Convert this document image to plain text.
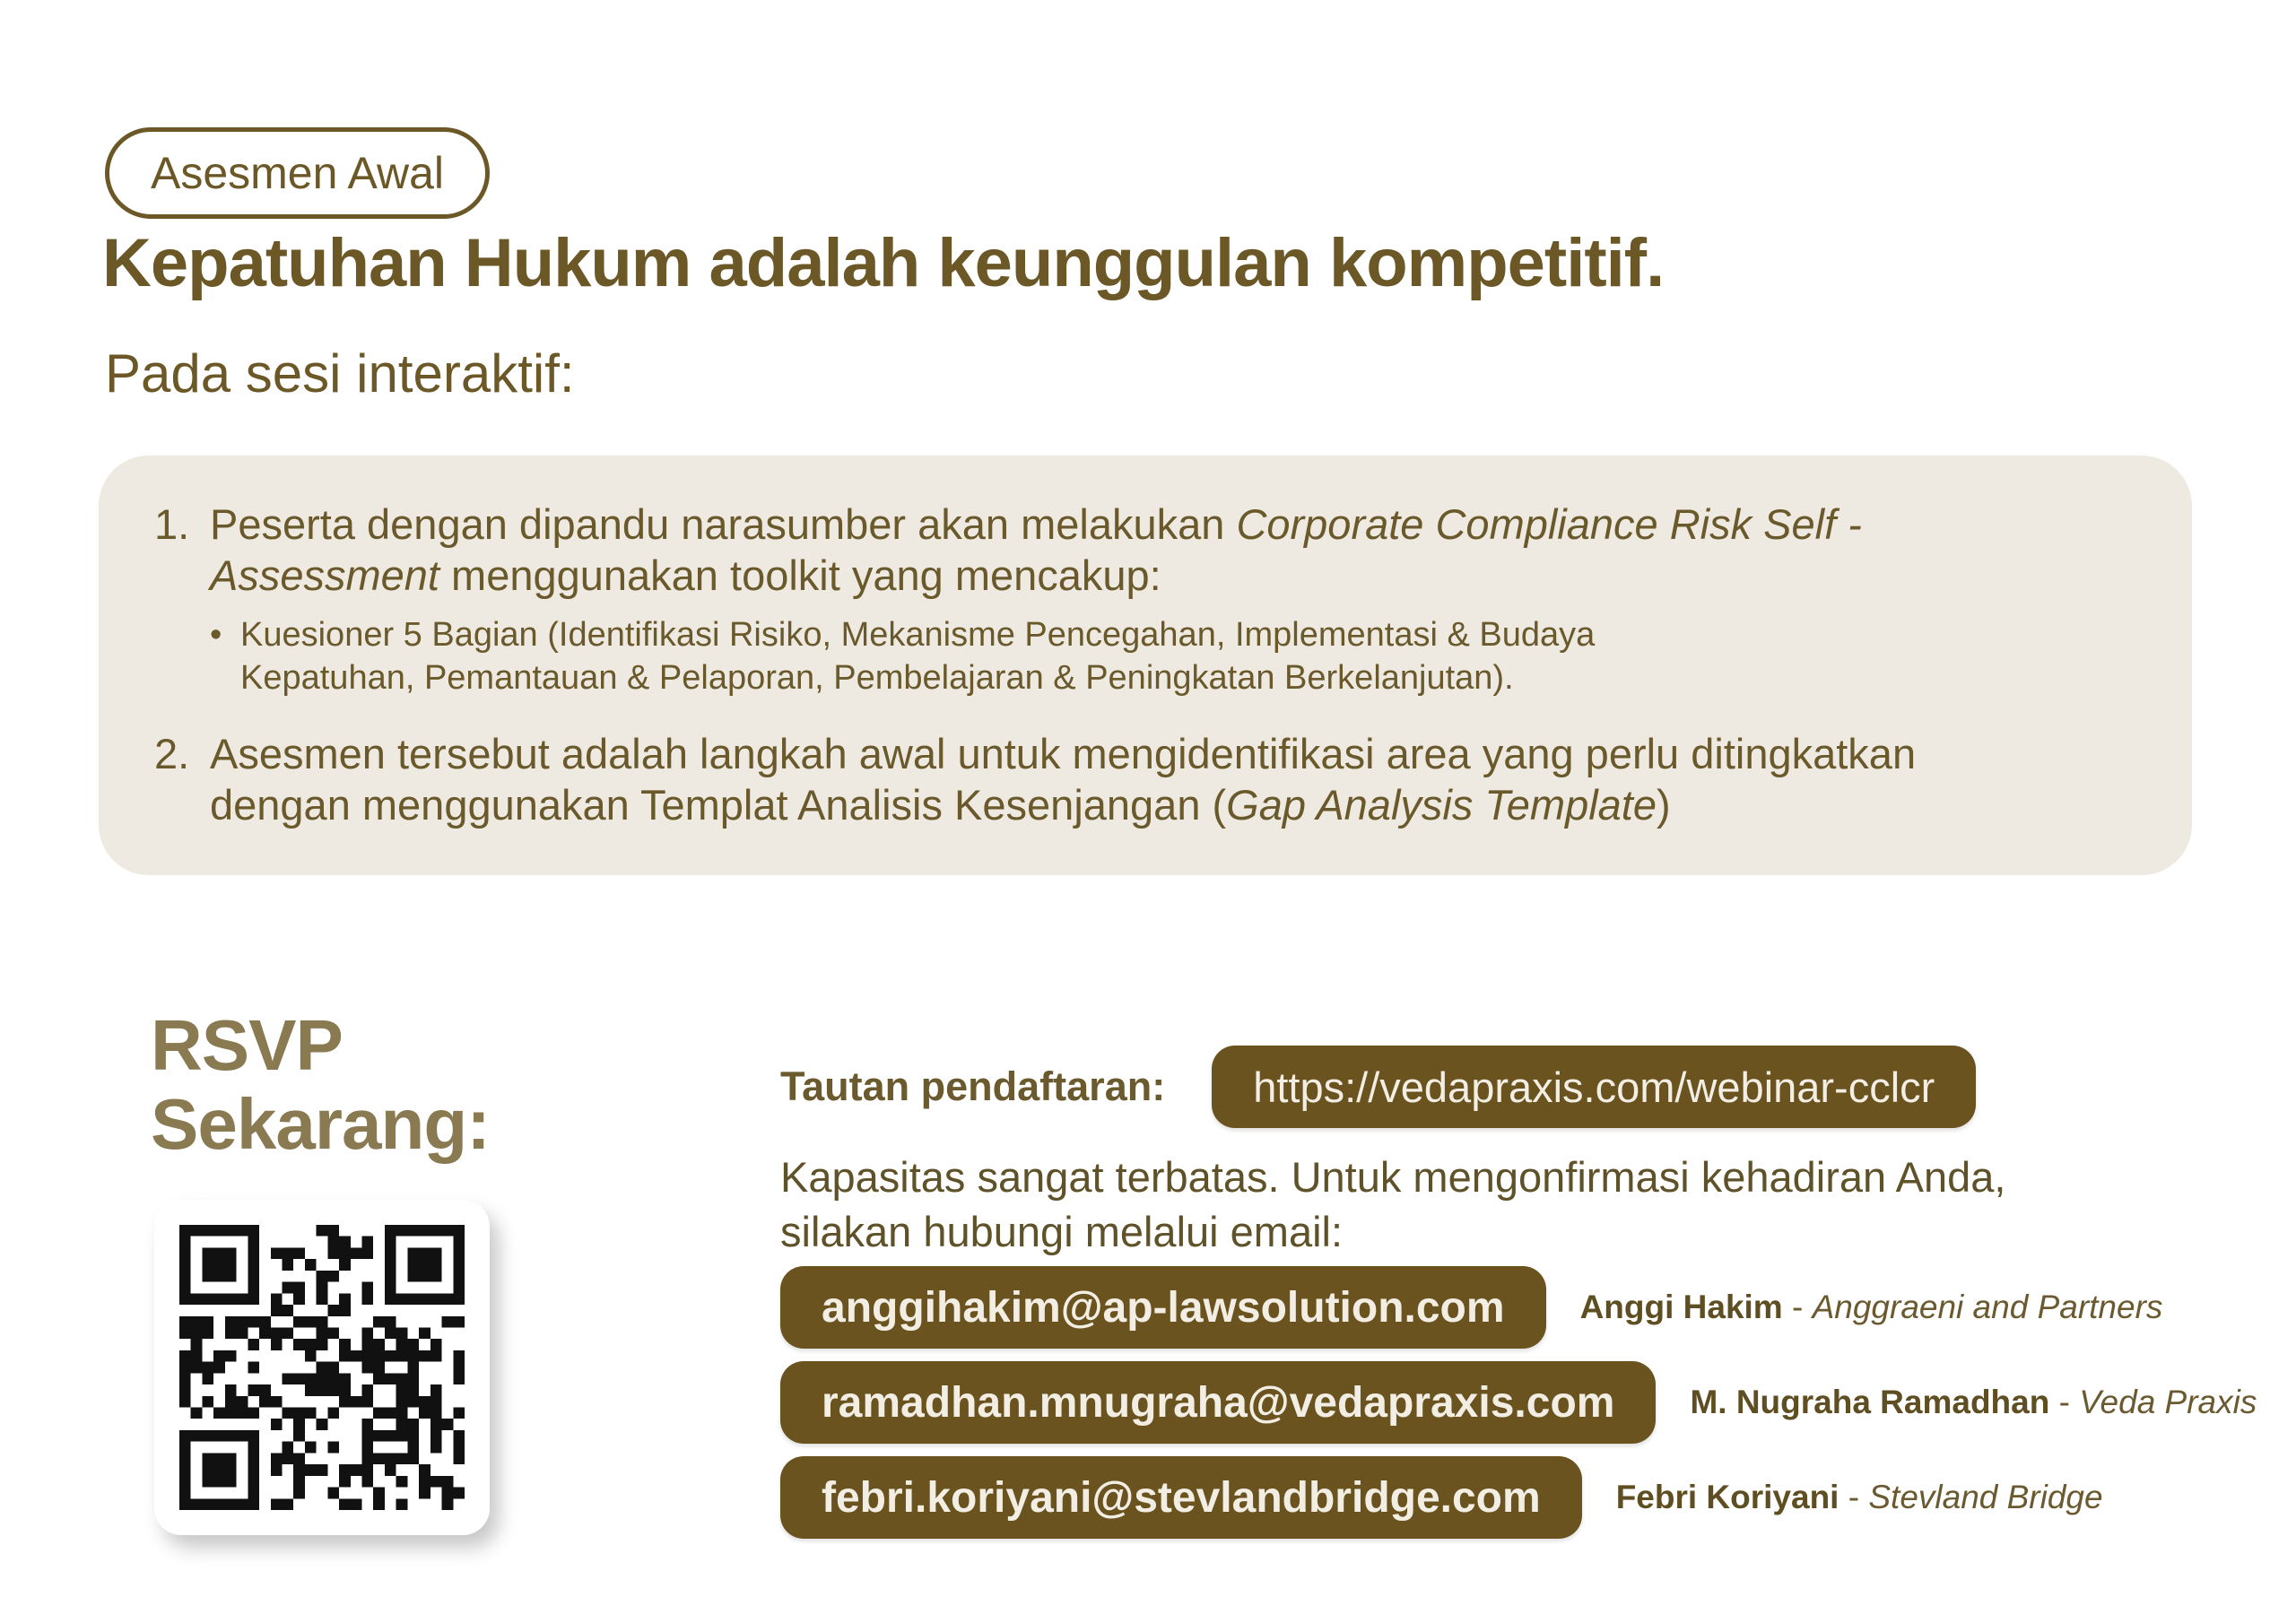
Asesmen Awal
Kepatuhan Hukum adalah keunggulan kompetitif.
Pada sesi interaktif:
1. Peserta dengan dipandu narasumber akan melakukan Corporate Compliance Risk Self -
Assessment menggunakan toolkit yang mencakup:
• Kuesioner 5 Bagian (Identifikasi Risiko, Mekanisme Pencegahan, Implementasi & Budaya
Kepatuhan, Pemantauan & Pelaporan, Pembelajaran & Peningkatan Berkelanjutan).
2. Asesmen tersebut adalah langkah awal untuk mengidentifikasi area yang perlu ditingkatkan
dengan menggunakan Templat Analisis Kesenjangan (Gap Analysis Template)
RSVP
Sekarang:	Tautan pendaftaran:	https://vedapraxis.com/webinar-cclcr
Kapasitas sangat terbatas. Untuk mengonfirmasi kehadiran Anda,
silakan hubungi melalui email:
anggihakim@ap-lawsolution.com	Anggi Hakim - Anggraeni and Partners
ramadhan.mnugraha@vedapraxis.com	M. Nugraha Ramadhan - Veda Praxis
febri.koriyani@stevlandbridge.com	Febri Koriyani - Stevland Bridge
